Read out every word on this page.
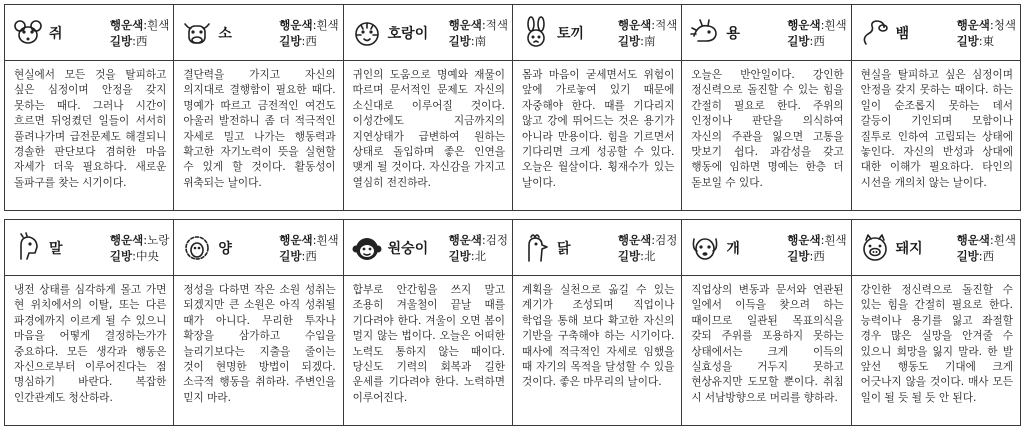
쥐
행운색 : 흰색
길방 : 西
현실에서 모든 것을 탈피하고 싶은 심정이며 안정을 갖지 못하는 때다. 그러나 시간이 흐르면 뒤엉켰던 일들이 서서히 풀려나가며 급전문제도 해결되니 경솔한 판단보다 겸허한 마음 자세가 더욱 필요하다. 새로운 돌파구를 찾는 시기이다.
소
행운색 : 흰색
길방 : 西
결단력을 가지고 자신의 의지대로 결행함이 필요한 때다. 명예가 따르고 금전적인 여건도 아울러 발전하니 좀 더 적극적인 자세로 밀고 나가는 행동력과 확고한 자기노력이 뜻을 실현할 수 있게 할 것이다. 활동성이 위축되는 날이다.
호랑이
행운색 : 적색
길방 : 南
귀인의 도움으로 명예와 재물이 따르며 문서적인 문제도 자신의 소신대로 이루어질 것이다. 이성간에도 지금까지의 지연상태가 급변하여 원하는 상태로 돌입하며 좋은 인연을 맺게 될 것이다. 자신감을 가지고 열심히 전진하라.
토끼
행운색 : 적색
길방 : 南
몸과 마음이 굳세면서도 위험이 앞에 가로놓여 있기 때문에 자중해야 한다. 때를 기다리지 않고 강에 뛰어드는 것은 용기가 아니라 만용이다. 힘을 기르면서 기다리면 크게 성공할 수 있다. 오늘은 월살이다. 횡재수가 있는 날이다.
용
행운색 : 흰색
길방 : 西
오늘은 반안일이다. 강인한 정신력으로 돌진할 수 있는 힘을 간절히 필요로 한다. 주위의 인정이나 판단을 의식하여 자신의 주관을 잃으면 고통을 맛보기 쉽다. 과감성을 갖고 행동에 임하면 명예는 한층 더 돋보일 수 있다.
뱀
행운색 : 청색
길방 : 東
현실을 탈피하고 싶은 심정이며 안정을 갖지 못하는 때이다. 하는 일이 순조롭지 못하는 데서 갈등이 기인되며 모함이나 질투로 인하여 고립되는 상태에 놓인다. 자신의 반성과 상대에 대한 이해가 필요하다. 타인의 시선을 개의치 않는 날이다.
말
행운색 : 노랑
길방 : 中央
냉전 상태를 심각하게 몰고 가면 현 위치에서의 이탈, 또는 다른 파경에까지 이르게 될 수 있으니 마음을 어떻게 결정하는가가 중요하다. 모든 생각과 행동은 자신으로부터 이루어진다는 점 명심하기 바란다. 복잡한 인간관계도 청산하라.
양
행운색 : 흰색
길방 : 西
정성을 다하면 작은 소원 성취는 되겠지만 큰 소원은 아직 성취될 때가 아니다. 무리한 투자나 확장을 삼가하고 수입을 늘리기보다는 지출을 줄이는 것이 현명한 방법이 되겠다. 소극적 행동을 취하라. 주변인을 믿지 마라.
원숭이
행운색 : 검정
길방 : 北
합부로 안간힘을 쓰지 말고 조용히 겨울철이 끝날 때를 기다려야 한다. 겨울이 오면 봄이 멀지 않는 법이다. 오늘은 어떠한 노력도 통하지 않는 때이다. 당신도 기력의 회복과 길한 운세를 기다려야 한다. 노력하면 이루어진다.
닭
행운색 : 검정
길방 : 北
계획을 실천으로 옮길 수 있는 계기가 조성되며 직업이나 학업을 통해 보다 확고한 자신의 기반을 구축해야 하는 시기이다. 때사에 적극적인 자세로 임했을 때 자기의 목적을 달성할 수 있을 것이다. 좋은 마무리의 날이다.
개
행운색 : 흰색
길방 : 西
직업상의 변동과 문서와 연관된 일에서 이득을 찾으려 하는 때이므로 일관된 목표의식을 갖되 주위를 포용하지 못하는 상태에서는 크게 이득의 실효성을 거두지 못하고 현상유지만 도모할 뿐이다. 취침 시 서남방향으로 머리를 향하라.
돼지
행운색 : 흰색
길방 : 西
강인한 정신력으로 돌진할 수 있는 힘을 간절히 필요로 한다. 능력이나 용기를 잃고 좌절할 경우 많은 실망을 안겨줄 수 있으니 희망을 잃지 말라. 한 발 앞선 행동도 기대에 크게 어긋나지 않을 것이다. 매사 모든 일이 될 듯 될 듯 안 된다.
